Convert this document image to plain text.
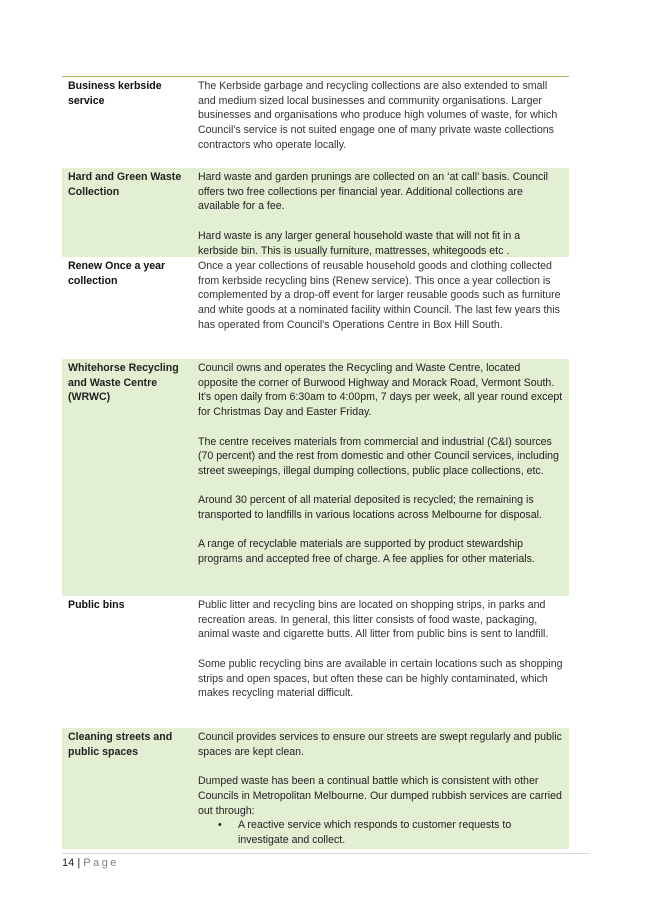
Business kerbside service

The Kerbside garbage and recycling collections are also extended to small and medium sized local businesses and community organisations. Larger businesses and organisations who produce high volumes of waste, for which Council's service is not suited engage one of many private waste collections contractors who operate locally.

Hard and Green Waste Collection

Hard waste and garden prunings are collected on an ‘at call’ basis. Council offers two free collections per financial year. Additional collections are available for a fee.

Hard waste is any larger general household waste that will not fit in a kerbside bin. This is usually furniture, mattresses, whitegoods etc .

Renew Once a year collection

Once a year collections of reusable household goods and clothing collected from kerbside recycling bins (Renew service). This once a year collection is complemented by a drop-off event for larger reusable goods such as furniture and white goods at a nominated facility within Council. The last few years this has operated from Council's Operations Centre in Box Hill South.

Whitehorse Recycling and Waste Centre (WRWC)

Council owns and operates the Recycling and Waste Centre, located opposite the corner of Burwood Highway and Morack Road, Vermont South. It's open daily from 6:30am to 4:00pm, 7 days per week, all year round except for Christmas Day and Easter Friday.

The centre receives materials from commercial and industrial (C&I) sources (70 percent) and the rest from domestic and other Council services, including street sweepings, illegal dumping collections, public place collections, etc.

Around 30 percent of all material deposited is recycled; the remaining is transported to landfills in various locations across Melbourne for disposal.

A range of recyclable materials are supported by product stewardship programs and accepted free of charge. A fee applies for other materials.

Public bins	Public litter and recycling bins are located on shopping strips, in parks and recreation areas. In general, this litter consists of food waste, packaging, animal waste and cigarette butts. All litter from public bins is sent to landfill.

Some public recycling bins are available in certain locations such as shopping strips and open spaces, but often these can be highly contaminated, which makes recycling material difficult.

Cleaning streets and public spaces

Council provides services to ensure our streets are swept regularly and public spaces are kept clean.

Dumped waste has been a continual battle which is consistent with other Councils in Metropolitan Melbourne. Our dumped rubbish services are carried out through:

•	A reactive service which responds to customer requests to investigate and collect.
14 | Page
